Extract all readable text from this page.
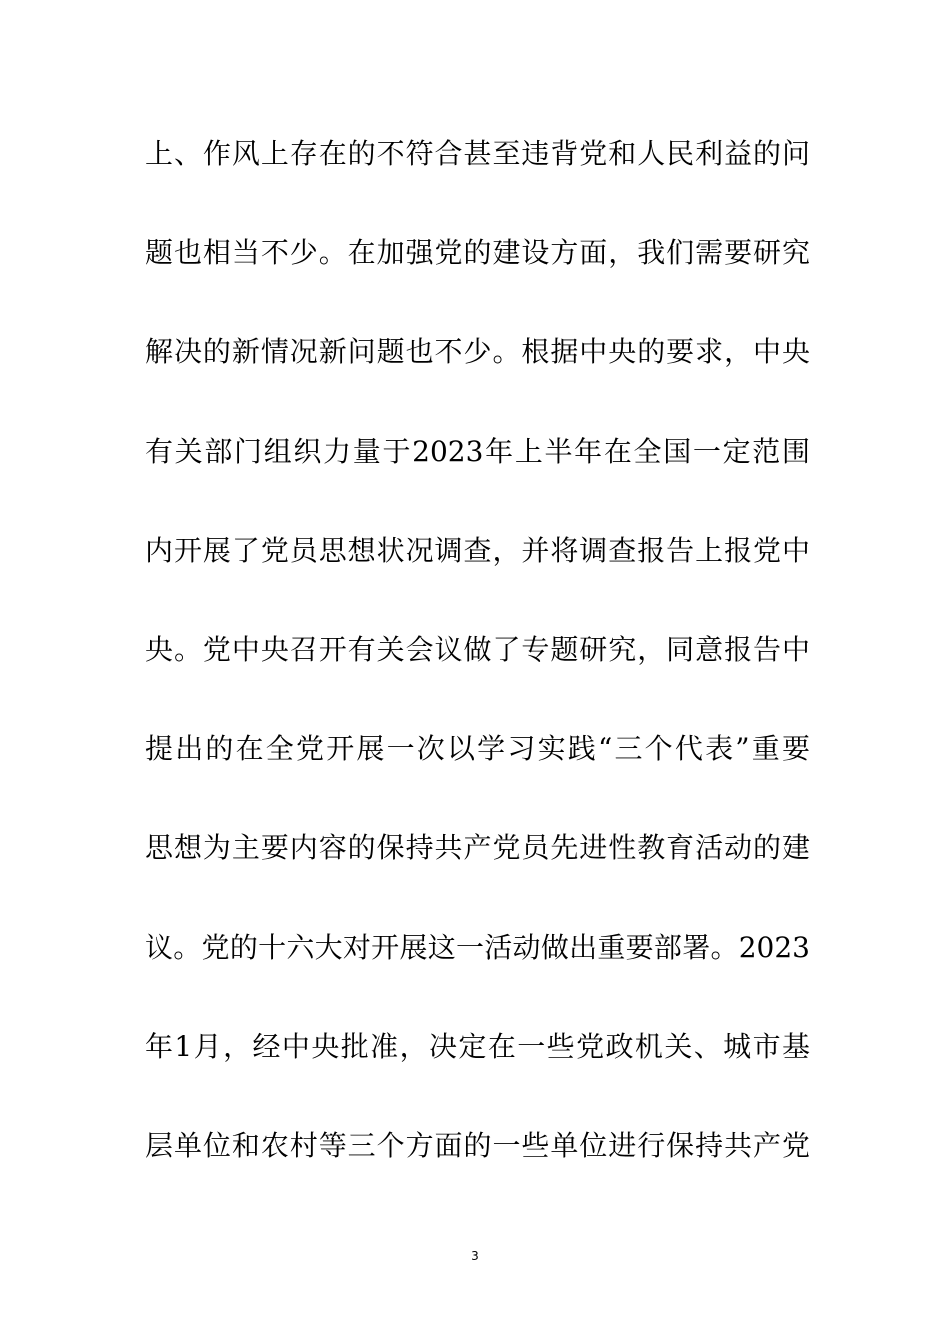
上、作风上存在的不符合甚至违背党和人民利益的问
题也相当不少。在加强党的建设方面，我们需要研究
解决的新情况新问题也不少。根据中央的要求，中央
有关部门组织力量于2023年上半年在全国一定范围
内开展了党员思想状况调查，并将调查报告上报党中
央。党中央召开有关会议做了专题研究，同意报告中
提出的在全党开展一次以学习实践“三个代表”重要
思想为主要内容的保持共产党员先进性教育活动的建
议。党的十六大对开展这一活动做出重要部署。2023
年1月，经中央批准，决定在一些党政机关、城市基
层单位和农村等三个方面的一些单位进行保持共产党
3
